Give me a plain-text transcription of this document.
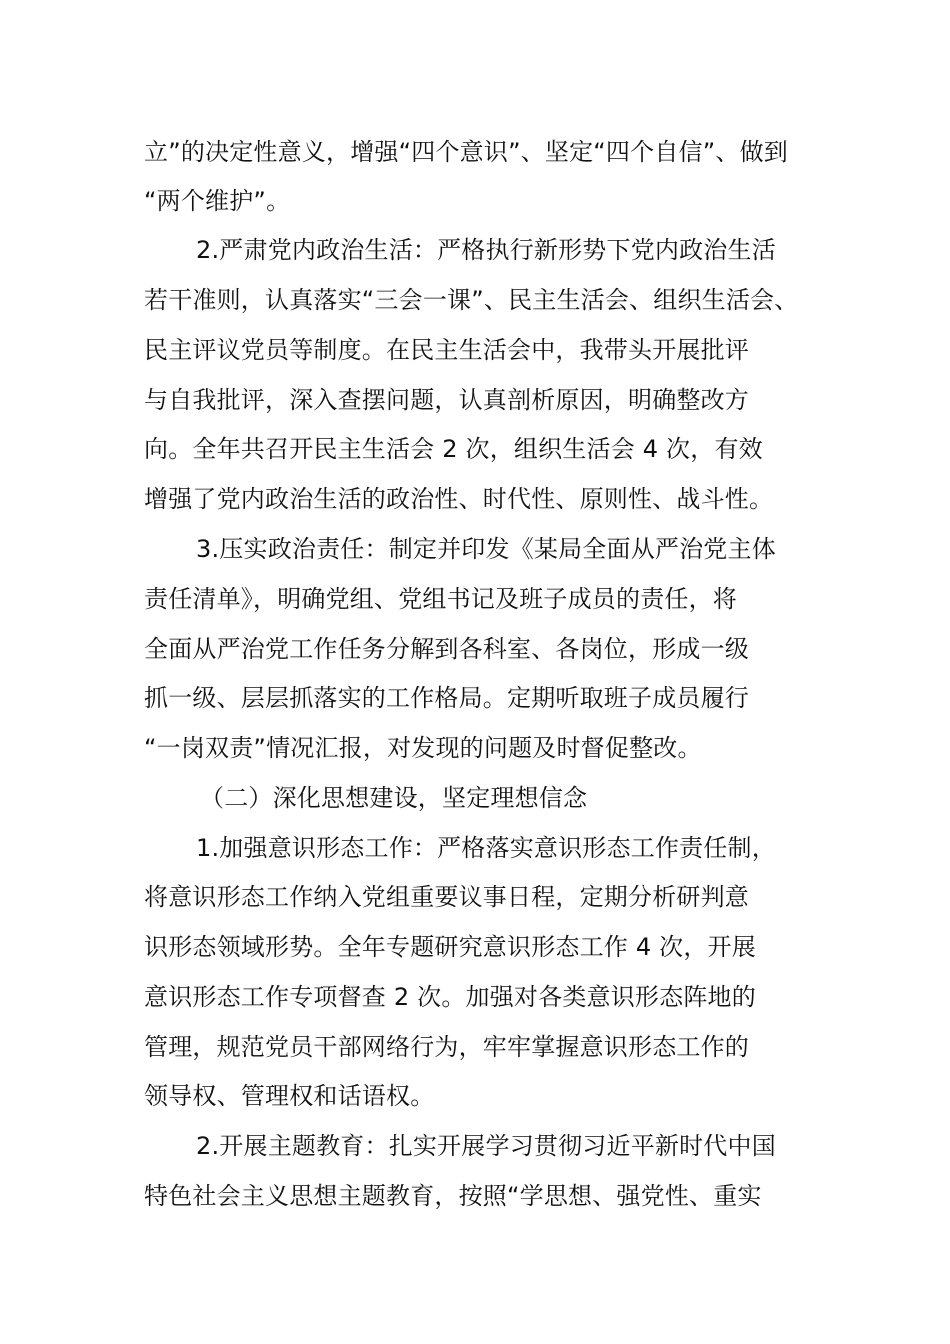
立”的决定性意义，增强“四个意识”、坚定“四个自信”、做到
“两个维护”。
2.严肃党内政治生活：严格执行新形势下党内政治生活
若干准则，认真落实“三会一课”、民主生活会、组织生活会、
民主评议党员等制度。在民主生活会中，我带头开展批评
与自我批评，深入查摆问题，认真剖析原因，明确整改方
向。全年共召开民主生活会 2 次，组织生活会 4 次，有效
增强了党内政治生活的政治性、时代性、原则性、战斗性。
3.压实政治责任：制定并印发《某局全面从严治党主体
责任清单》，明确党组、党组书记及班子成员的责任，将
全面从严治党工作任务分解到各科室、各岗位，形成一级
抓一级、层层抓落实的工作格局。定期听取班子成员履行
“一岗双责”情况汇报，对发现的问题及时督促整改。
（二）深化思想建设，坚定理想信念
1.加强意识形态工作：严格落实意识形态工作责任制，
将意识形态工作纳入党组重要议事日程，定期分析研判意
识形态领域形势。全年专题研究意识形态工作 4 次，开展
意识形态工作专项督查 2 次。加强对各类意识形态阵地的
管理，规范党员干部网络行为，牢牢掌握意识形态工作的
领导权、管理权和话语权。
2.开展主题教育：扎实开展学习贯彻习近平新时代中国
特色社会主义思想主题教育，按照“学思想、强党性、重实
